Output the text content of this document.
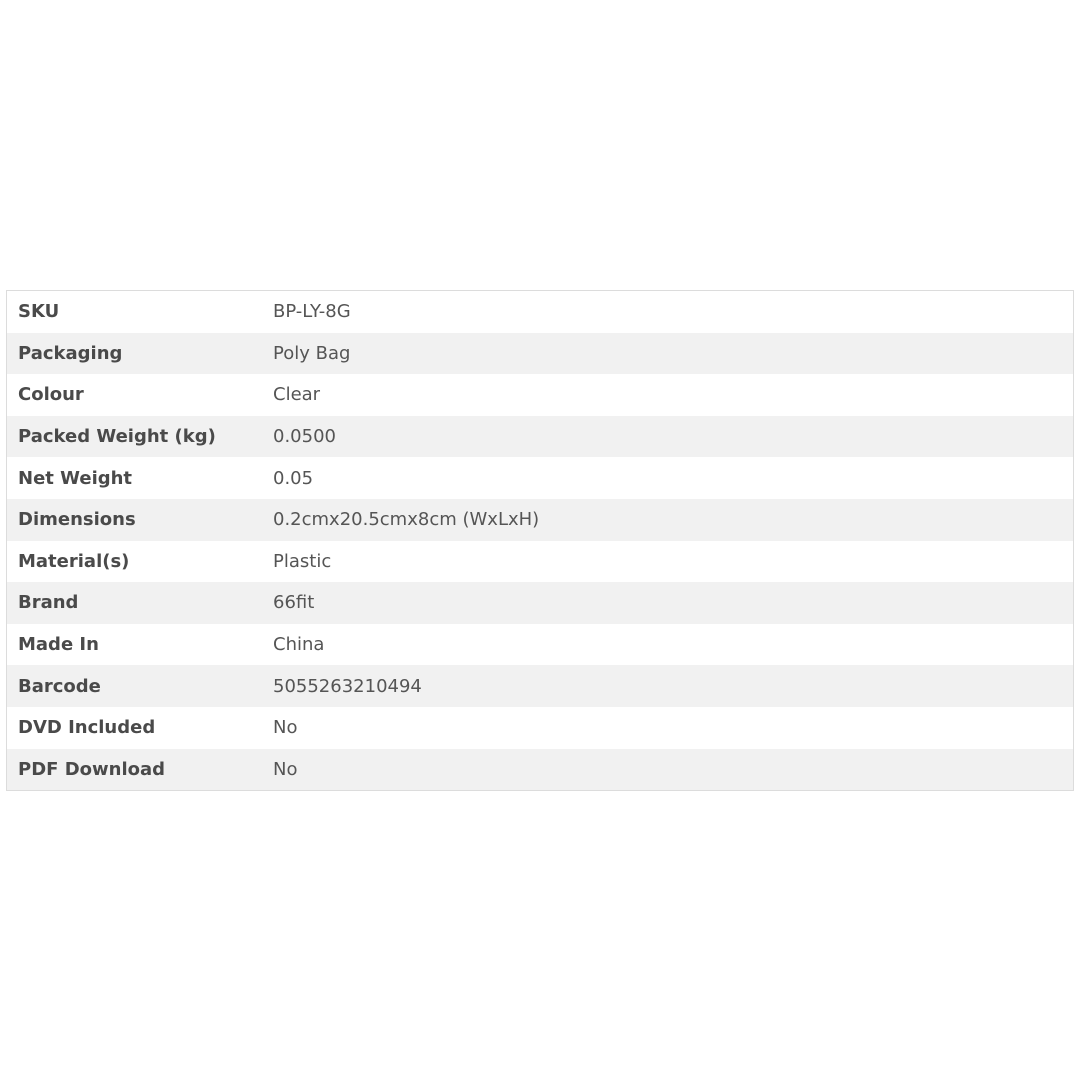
SKU	BP-LY-8G
Packaging	Poly Bag
Colour	Clear
Packed Weight (kg)	0.0500
Net Weight	0.05
Dimensions	0.2cmx20.5cmx8cm (WxLxH)
Material(s)	Plastic
Brand	66fit
Made In	China
Barcode	5055263210494
DVD Included	No
PDF Download	No
